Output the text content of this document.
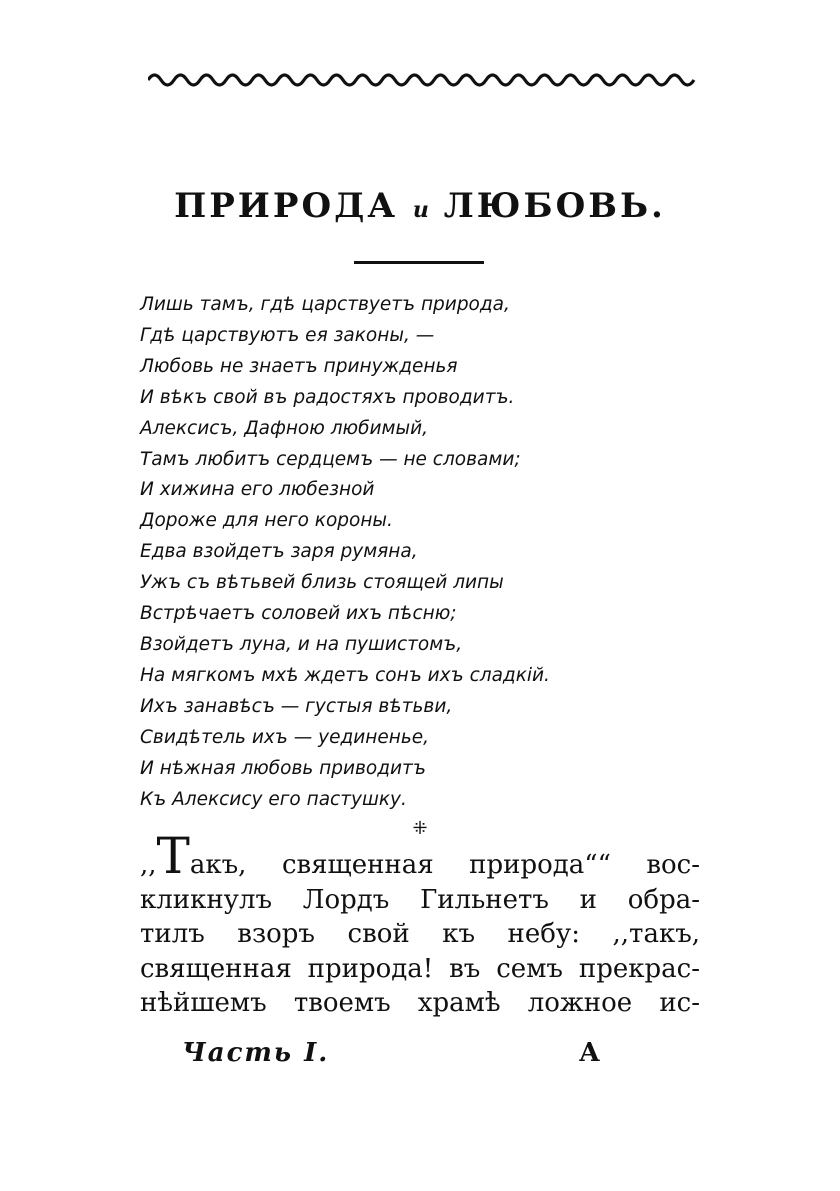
ПРИРОДА и ЛЮБОВЬ.
Лишь тамъ, гдѣ царствуетъ природа,
Гдѣ царствуютъ ея законы, —
Любовь не знаетъ принужденья
И вѣкъ свой въ радостяхъ проводитъ.
Алексисъ, Дафною любимый,
Тамъ любитъ сердцемъ — не словами;
И хижина его любезной
Дороже для него короны.
Едва взойдетъ заря румяна,
Ужъ съ вѣтьвей близь стоящей липы
Встрѣчаетъ соловей ихъ пѣсню;
Взойдетъ луна, и на пушистомъ,
На мягкомъ мхѣ ждетъ сонъ ихъ сладкій.
Ихъ занавѣсъ — густыя вѣтьви,
Свидѣтель ихъ — уединенье,
И нѣжная любовь приводитъ
Къ Алексису его пастушку.
⁜
,,Такъ, священная природа““ вос-
кликнулъ Лордъ Гильнетъ и обра-
тилъ взоръ свой къ небу: ,,такъ,
священная природа! въ семъ прекрас-
нѣйшемъ твоемъ храмѣ ложное ис-
Часть I.	А
